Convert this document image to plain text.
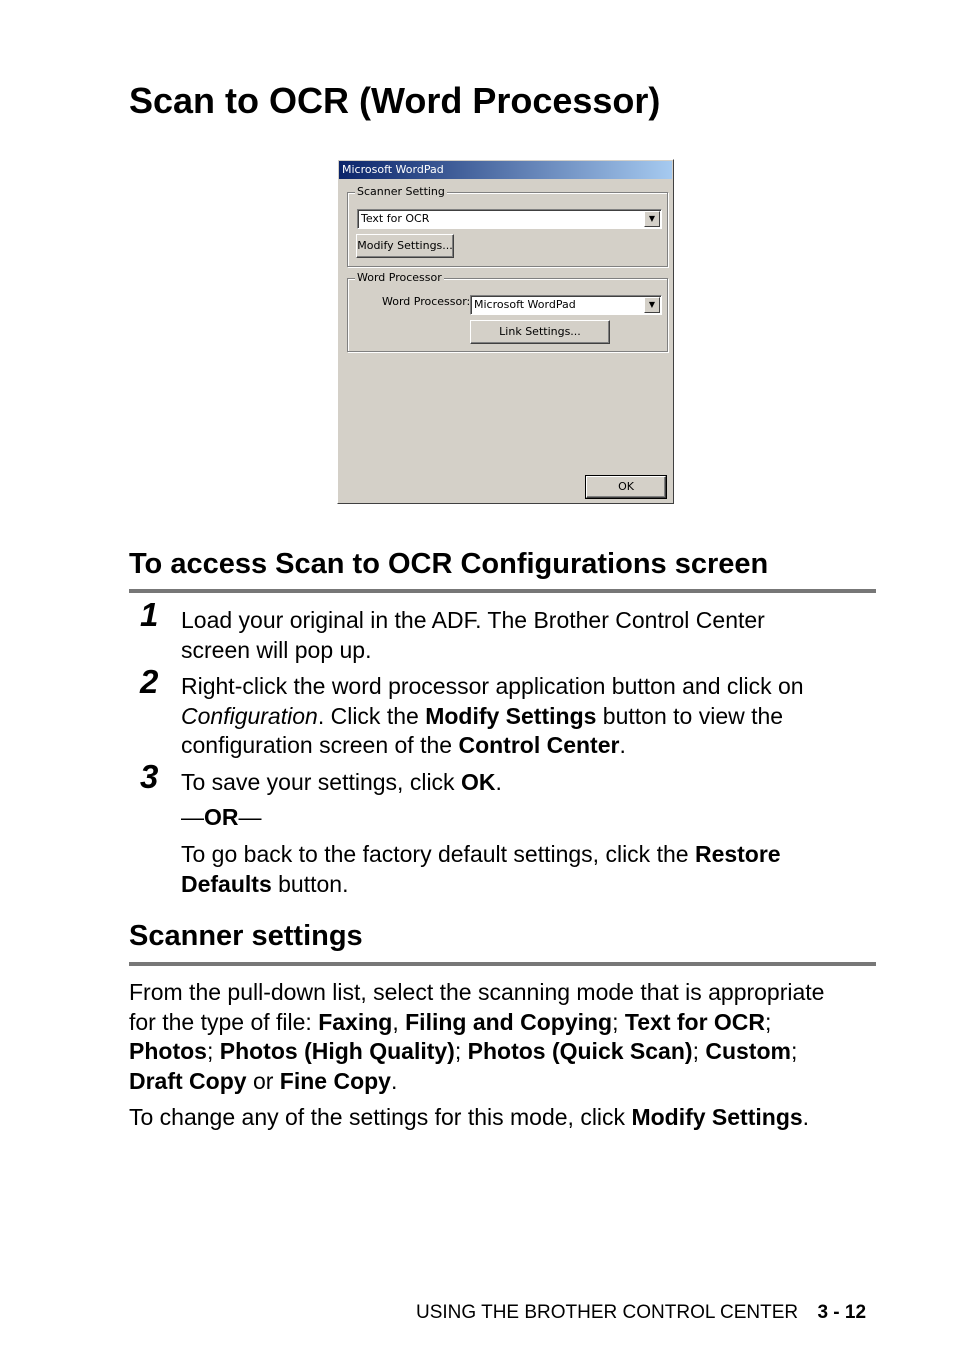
Scan to OCR (Word Processor)
Microsoft WordPad
Scanner Setting
Text for OCR	▼
Modify Settings...
Word Processor
Word Processor: Microsoft WordPad	▼
Link Settings...
OK
To access Scan to OCR Configurations screen
1 Load your original in the ADF. The Brother Control Center
screen will pop up.
2 Right-click the word processor application button and click on
Configuration. Click the Modify Settings button to view the
configuration screen of the Control Center.
3 To save your settings, click OK.
—OR—
To go back to the factory default settings, click the Restore
Defaults button.
Scanner settings
From the pull-down list, select the scanning mode that is appropriate
for the type of file: Faxing, Filing and Copying; Text for OCR;
Photos; Photos (High Quality); Photos (Quick Scan); Custom;
Draft Copy or Fine Copy.
To change any of the settings for this mode, click Modify Settings.
USING THE BROTHER CONTROL CENTER 3 - 12
